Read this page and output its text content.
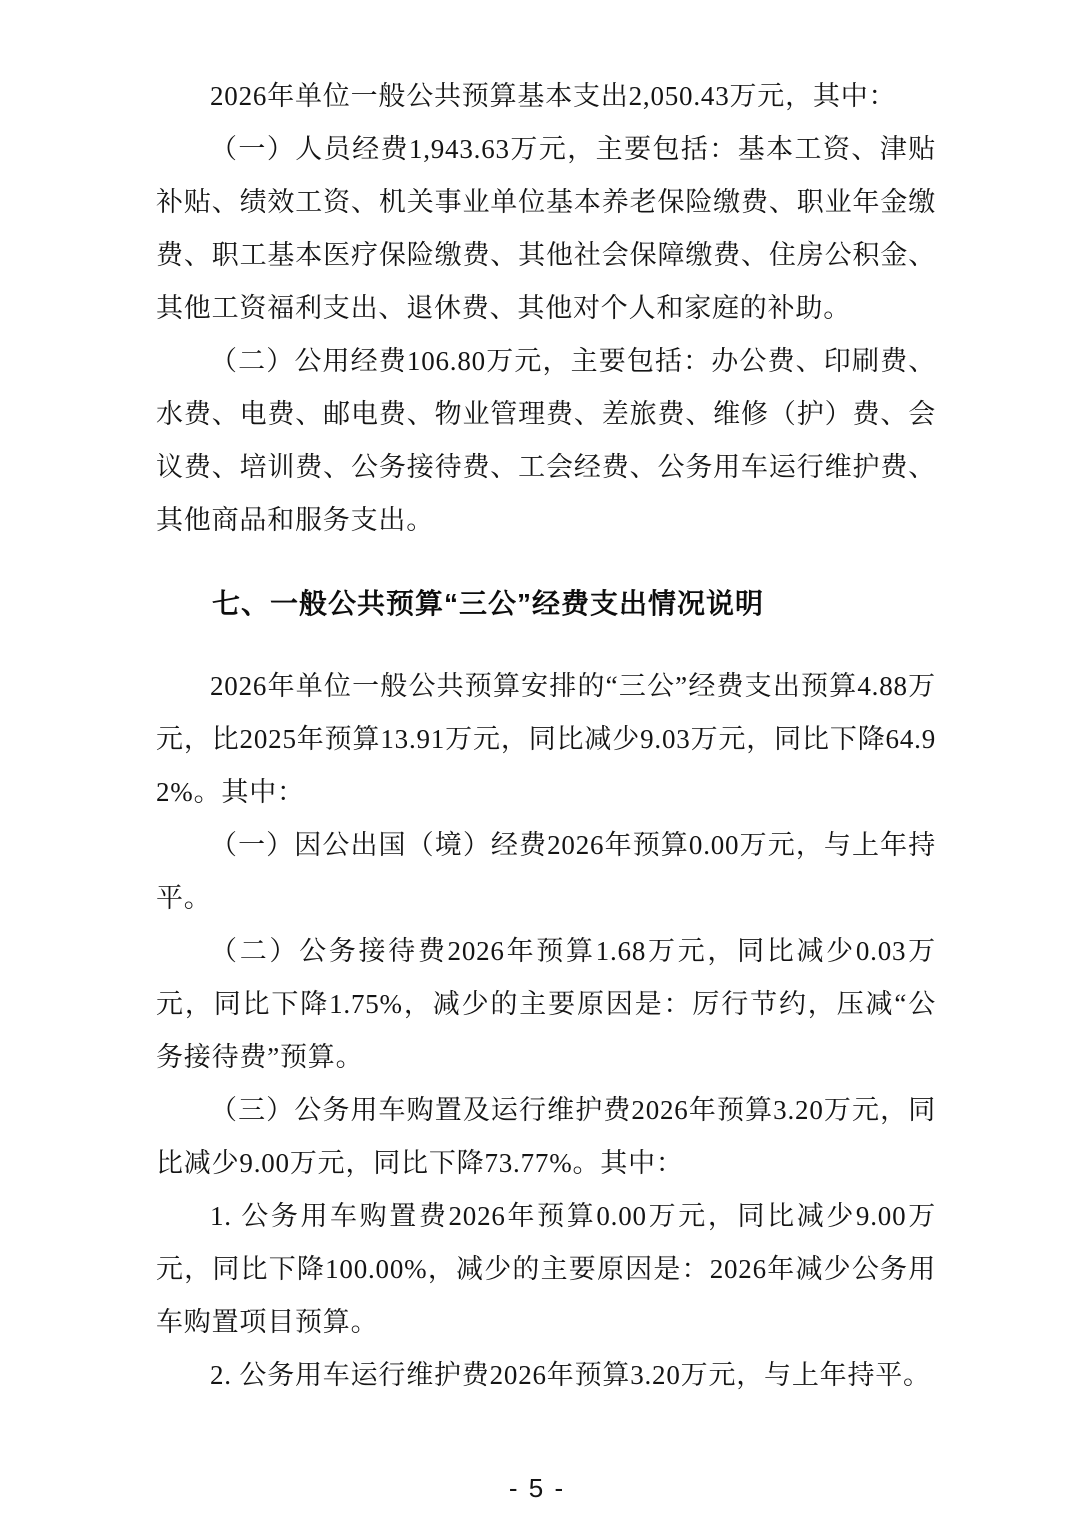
2026年单位一般公共预算基本支出2,050.43万元，其中：

（一）人员经费1,943.63万元，主要包括：基本工资、津贴补贴、绩效工资、机关事业单位基本养老保险缴费、职业年金缴费、职工基本医疗保险缴费、其他社会保障缴费、住房公积金、其他工资福利支出、退休费、其他对个人和家庭的补助。

（二）公用经费106.80万元，主要包括：办公费、印刷费、水费、电费、邮电费、物业管理费、差旅费、维修（护）费、会议费、培训费、公务接待费、工会经费、公务用车运行维护费、其他商品和服务支出。

七、一般公共预算“三公”经费支出情况说明

2026年单位一般公共预算安排的“三公”经费支出预算4.88万元，比2025年预算13.91万元，同比减少9.03万元，同比下降64.92%。其中：

（一）因公出国（境）经费2026年预算0.00万元，与上年持平。

（二）公务接待费2026年预算1.68万元，同比减少0.03万元，同比下降1.75%，减少的主要原因是：厉行节约，压减“公务接待费”预算。

（三）公务用车购置及运行维护费2026年预算3.20万元，同比减少9.00万元，同比下降73.77%。其中：

1. 公务用车购置费2026年预算0.00万元，同比减少9.00万元，同比下降100.00%，减少的主要原因是：2026年减少公务用车购置项目预算。

2. 公务用车运行维护费2026年预算3.20万元，与上年持平。

- 5 -
